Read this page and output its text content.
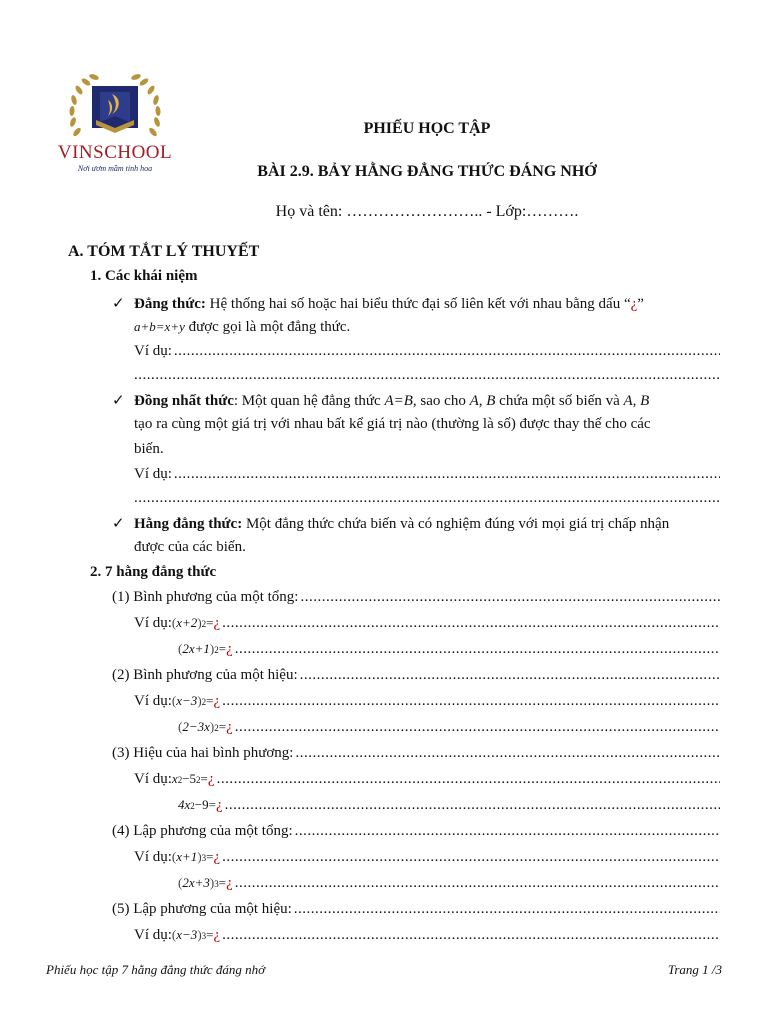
VINSCHOOL
Nơi ươm mầm tinh hoa
PHIẾU HỌC TẬP
BÀI 2.9. BẢY HẰNG ĐẲNG THỨC ĐÁNG NHỚ
Họ và tên: …………………….. - Lớp:……….
A. TÓM TẮT LÝ THUYẾT
1. Các khái niệm
✓ Đẳng thức: Hệ thống hai số hoặc hai biểu thức đại số liên kết với nhau bằng dấu “¿”
a+b=x+y được gọi là một đẳng thức.
Ví dụ:
.....
.....
✓ Đồng nhất thức: Một quan hệ đẳng thức A=B, sao cho A, B chứa một số biến và A, B
tạo ra cùng một giá trị với nhau bất kể giá trị nào (thường là số) được thay thế cho các
biến.
Ví dụ:
.....
.....
✓ Hằng đẳng thức: Một đẳng thức chứa biến và có nghiệm đúng với mọi giá trị chấp nhận
được của các biến.
2. 7 hằng đẳng thức
(1) Bình phương của một tổng:
.....
Ví dụ: ( x+2 ) 2 = ¿
.....
( 2x+1 ) 2 = ¿
.....
(2) Bình phương của một hiệu:
.....
Ví dụ: ( x−3 ) 2 = ¿
.....
( 2−3x ) 2 = ¿
.....
(3) Hiệu của hai bình phương:
.....
Ví dụ: x 2 −5 2 = ¿
.....
4x 2 −9 = ¿
.....
(4) Lập phương của một tổng:
.....
Ví dụ: ( x+1 ) 3 = ¿
.....
( 2x+3 ) 3 = ¿
.....
(5) Lập phương của một hiệu:
.....
Ví dụ: ( x−3 ) 3 = ¿
.....
Phiếu học tập 7 hằng đẳng thức đáng nhớ	Trang 1 /3
